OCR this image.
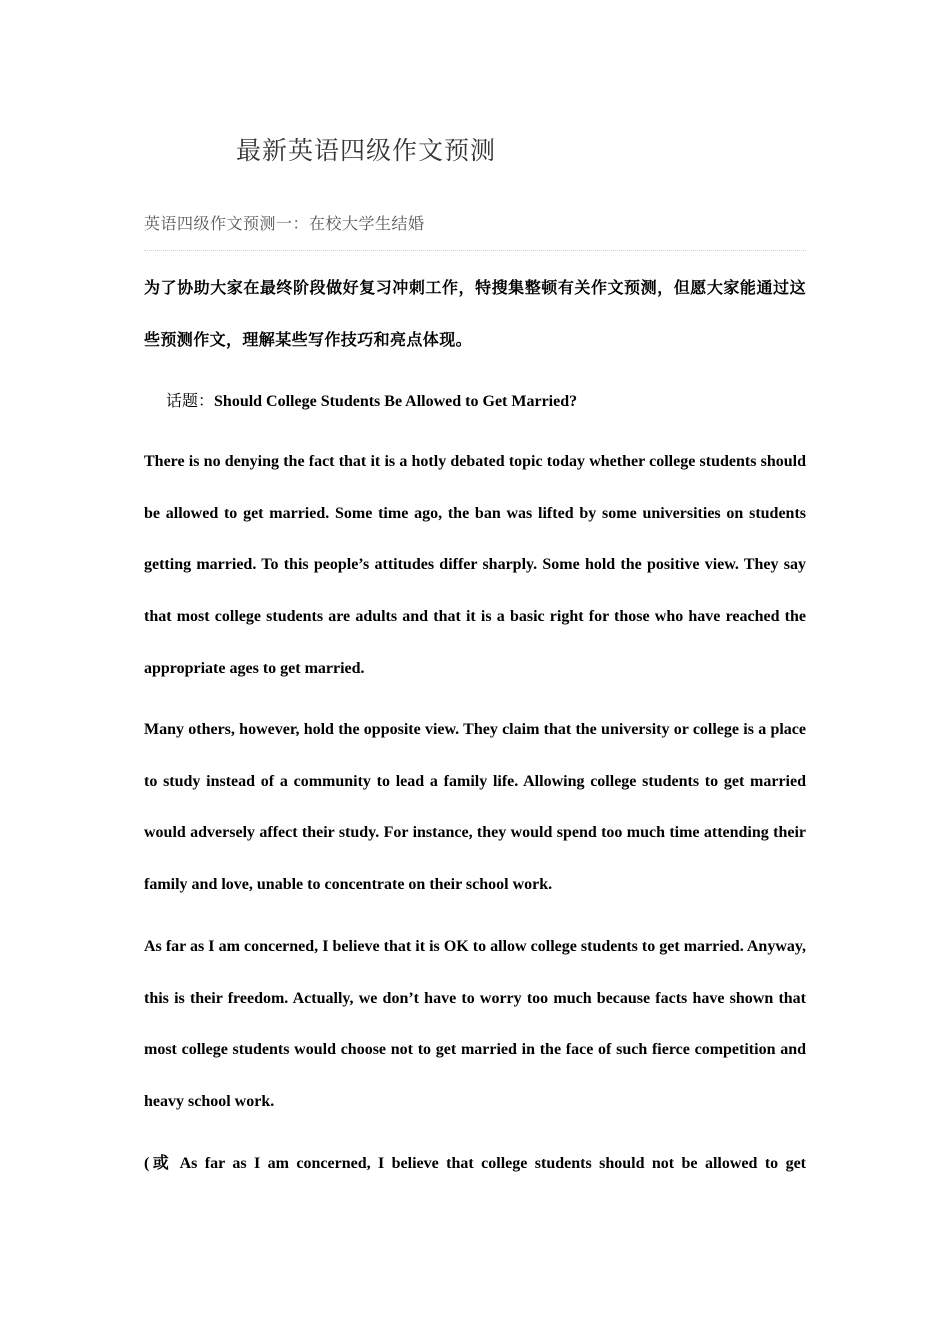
最新英语四级作文预测
英语四级作文预测一：在校大学生结婚

为了协助大家在最终阶段做好复习冲刺工作，特搜集整顿有关作文预测，但愿大家能通过这些预测作文，理解某些写作技巧和亮点体现。

话题：Should College Students Be Allowed to Get Married?

There is no denying the fact that it is a hotly debated topic today whether college students should be allowed to get married. Some time ago, the ban was lifted by some universities on students getting married. To this people’s attitudes differ sharply. Some hold the positive view. They say that most college students are adults and that it is a basic right for those who have reached the appropriate ages to get married.

Many others, however, hold the opposite view. They claim that the university or college is a place to study instead of a community to lead a family life. Allowing college students to get married would adversely affect their study. For instance, they would spend too much time attending their family and love, unable to concentrate on their school work.

As far as I am concerned, I believe that it is OK to allow college students to get married. Anyway, this is their freedom. Actually, we don’t have to worry too much because facts have shown that most college students would choose not to get married in the face of such fierce competition and heavy school work.

(或 As far as I am concerned, I believe that college students should not be allowed to get
